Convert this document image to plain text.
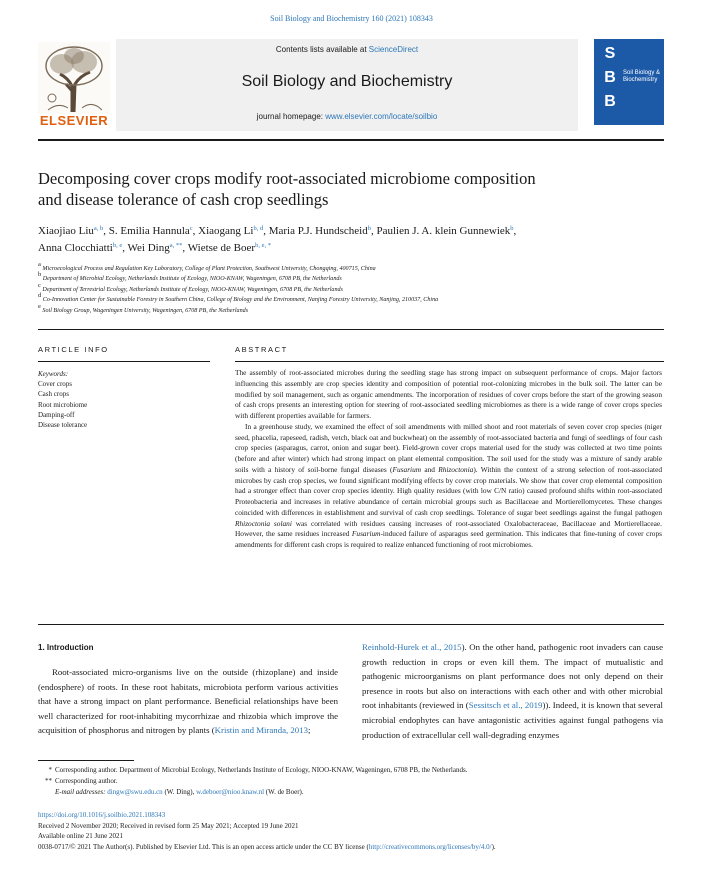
Soil Biology and Biochemistry 160 (2021) 108343
ELSEVIER
Contents lists available at ScienceDirect
Soil Biology and Biochemistry
journal homepage: www.elsevier.com/locate/soilbio
S
B
B
Soil Biology &
Biochemistry
Decomposing cover crops modify root-associated microbiome composition
and disease tolerance of cash crop seedlings
Xiaojiao Liu$^{a, b}$, S. Emilia Hannula$^c$, Xiaogang Li$^{b, d}$, Maria P.J. Hundscheid$^b$, Paulien J. A. klein Gunnewiek$^b$, Anna Clocchiatti$^{b, e}$, Wei Ding$^{a, **}$, Wietse de Boer$^{b, e, *}$
$^a$ Microecological Process and Regulation Key Laboratory, College of Plant Protection, Southwest University, Chongqing, 400715, China
$^b$ Department of Microbial Ecology, Netherlands Institute of Ecology, NIOO-KNAW, Wageningen, 6708 PB, the Netherlands
$^c$ Department of Terrestrial Ecology, Netherlands Institute of Ecology, NIOO-KNAW, Wageningen, 6708 PB, the Netherlands
$^d$ Co-Innovation Center for Sustainable Forestry in Southern China, College of Biology and the Environment, Nanjing Forestry University, Nanjing, 210037, China
$^e$ Soil Biology Group, Wageningen University, Wageningen, 6708 PB, the Netherlands
ARTICLE INFO
Keywords:
Cover crops
Cash crops
Root microbiome
Damping-off
Disease tolerance
ABSTRACT

The assembly of root-associated microbes during the seedling stage has strong impact on subsequent performance of crops. Major factors influencing this assembly are crop species identity and composition of potential root-colonizing microbes in the bulk soil. The latter can be modified by soil management, such as organic amendments. The incorporation of residues of cover crops before the start of the growing season of cash crops presents an interesting option for steering of root-associated seedling microbiomes as there is a wide range of cover crops species with different properties available for farmers.

In a greenhouse study, we examined the effect of soil amendments with milled shoot and root materials of seven cover crop species (niger seed, phacelia, rapeseed, radish, vetch, black oat and buckwheat) on the assembly of root-associated bacteria and fungi of seedlings of four cash crop species (asparagus, carrot, onion and sugar beet). Field-grown cover crops material used for the study was collected at two time points (before and after winter) which had strong impact on plant elemental composition. The soil used for the study was a mixture of sandy arable soils with a history of soil-borne fungal diseases (Fusarium and Rhizoctonia). Within the context of a strong selection of root-associated microbes by cash crop species, we found significant modifying effects by cover crop materials. We show that cover crop elemental composition had a stronger effect than cover crop species identity. High quality residues (with low C/N ratio) caused profound shifts within root-associated Proteobacteria and increases in relative abundance of certain microbial groups such as Bacillaceae and Mortierellomycetes. These changes coincided with differences in establishment and survival of cash crop seedlings. Tolerance of sugar beet seedlings against the fungal pathogen Rhizoctonia solani was correlated with residues causing increases of root-associated Oxalobacteraceae, Bacillaceae and Mortierellaceae. However, the same residues increased Fusarium-induced failure of asparagus seed germination. This indicates that fine-tuning of cover crops amendments for different cash crops is required to realize enhanced functioning of root microbiomes.

1. Introduction
Root-associated micro-organisms live on the outside (rhizoplane) and inside (endosphere) of roots. In these root habitats, microbiota perform various activities that have a strong impact on plant performance. Beneficial relationships have been well characterized for root-inhabiting mycorrhizae and rhizobia which improve the acquisition of phosphorus and nitrogen by plants (Kristin and Miranda, 2013;
Reinhold-Hurek et al., 2015). On the other hand, pathogenic root invaders can cause growth reduction in crops or even kill them. The impact of mutualistic and pathogenic microorganisms on plant performance does not only depend on their presence in roots but also on interactions with each other and with other microbial root inhabitants (reviewed in (Sessitsch et al., 2019)). Indeed, it is known that several microbial endophytes can have antagonistic activities against fungal pathogens via production of extracellular cell wall-degrading enzymes
* Corresponding author. Department of Microbial Ecology, Netherlands Institute of Ecology, NIOO-KNAW, Wageningen, 6708 PB, the Netherlands.
** Corresponding author.
E-mail addresses: dingw@swu.edu.cn (W. Ding), w.deboer@nioo.knaw.nl (W. de Boer).
https://doi.org/10.1016/j.soilbio.2021.108343
Received 2 November 2020; Received in revised form 25 May 2021; Accepted 19 June 2021
Available online 21 June 2021
0038-0717/© 2021 The Author(s). Published by Elsevier Ltd. This is an open access article under the CC BY license (http://creativecommons.org/licenses/by/4.0/).
